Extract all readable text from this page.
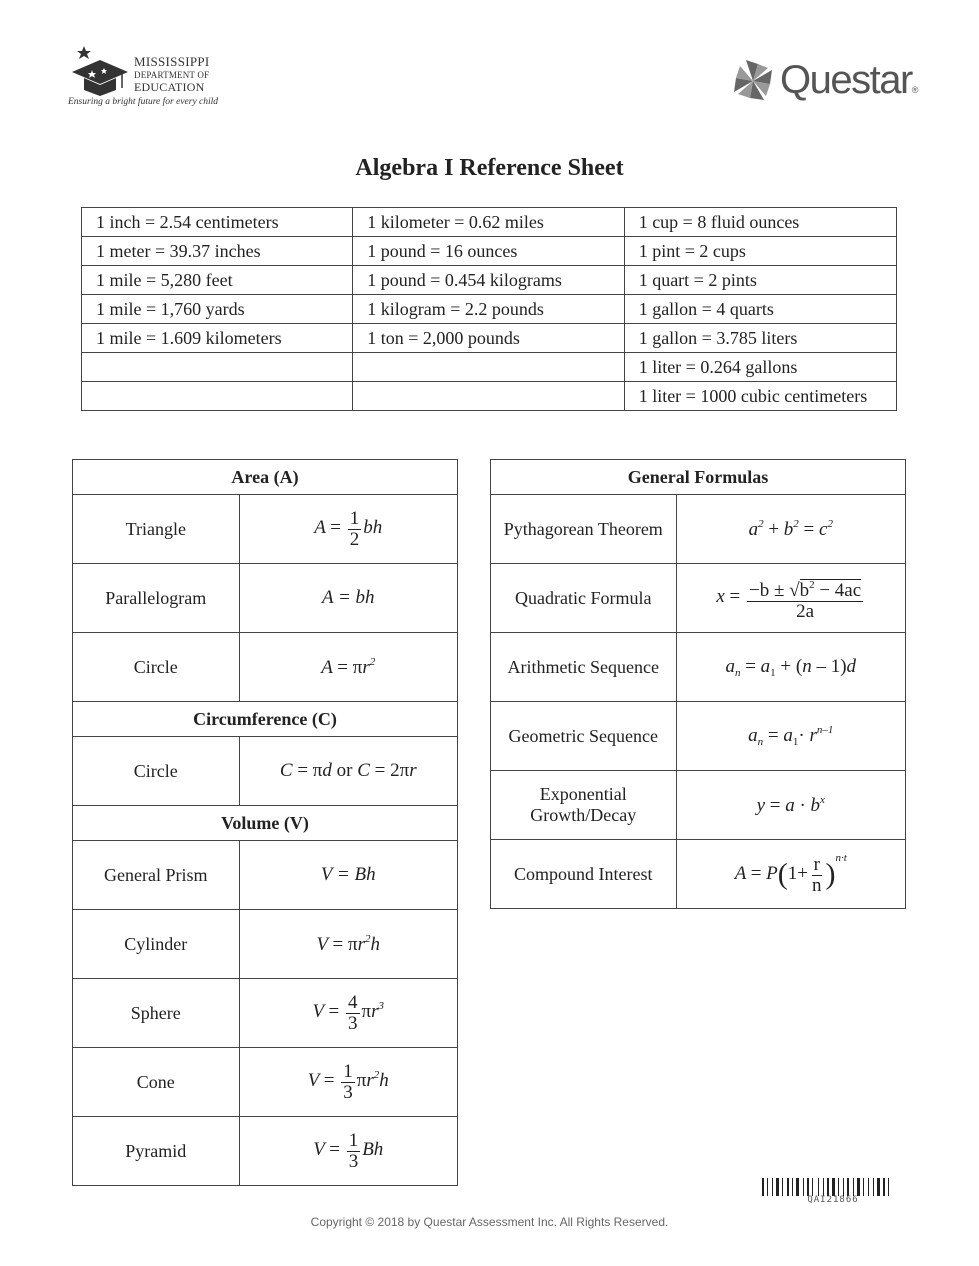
MISSISSIPPI
DEPARTMENT OF
EDUCATION
Ensuring a bright future for every child	Questar®
Algebra I Reference Sheet
1 inch = 2.54 centimeters	1 kilometer = 0.62 miles	1 cup = 8 fluid ounces
1 meter = 39.37 inches	1 pound = 16 ounces	1 pint = 2 cups
1 mile = 5,280 feet	1 pound = 0.454 kilograms	1 quart = 2 pints
1 mile = 1,760 yards	1 kilogram = 2.2 pounds	1 gallon = 4 quarts
1 mile = 1.609 kilometers	1 ton = 2,000 pounds	1 gallon = 3.785 liters
		1 liter = 0.264 gallons
		1 liter = 1000 cubic centimeters
Area (A)	
Triangle	$A = \frac{1}{2}$ bh
Parallelogram	A = bh
Circle	$A = \pi r^2$
Circumference (C)	
Circle	C = πd or C = 2πr
Volume (V)	
General Prism	V = Bh
Cylinder	$V = \pi r^2h$
Sphere	$V = \frac{4}{3} \pi r^3$
Cone	$V = \frac{1}{3} \pi r^2h$
Pyramid	$V = \frac{1}{3}$ Bh
General Formulas	
Pythagorean Theorem	$a^2 + b^2 = c^2$
Quadratic Formula	$x = \frac{-b \pm √b^2 - 4ac}{2a}$

Arithmetic Sequence	$a_n = a_1 + (n - 1)d$
Geometric Sequence	$a_n = a_1\cdot r^{n-1}$
Exponential
Growth/Decay	$y = a \cdot b^x$
Compound Interest	$A = P(1+ \frac{r}{n} )^{n\cdot t}$
QAI21866
Copyright © 2018 by Questar Assessment Inc. All Rights Reserved.
